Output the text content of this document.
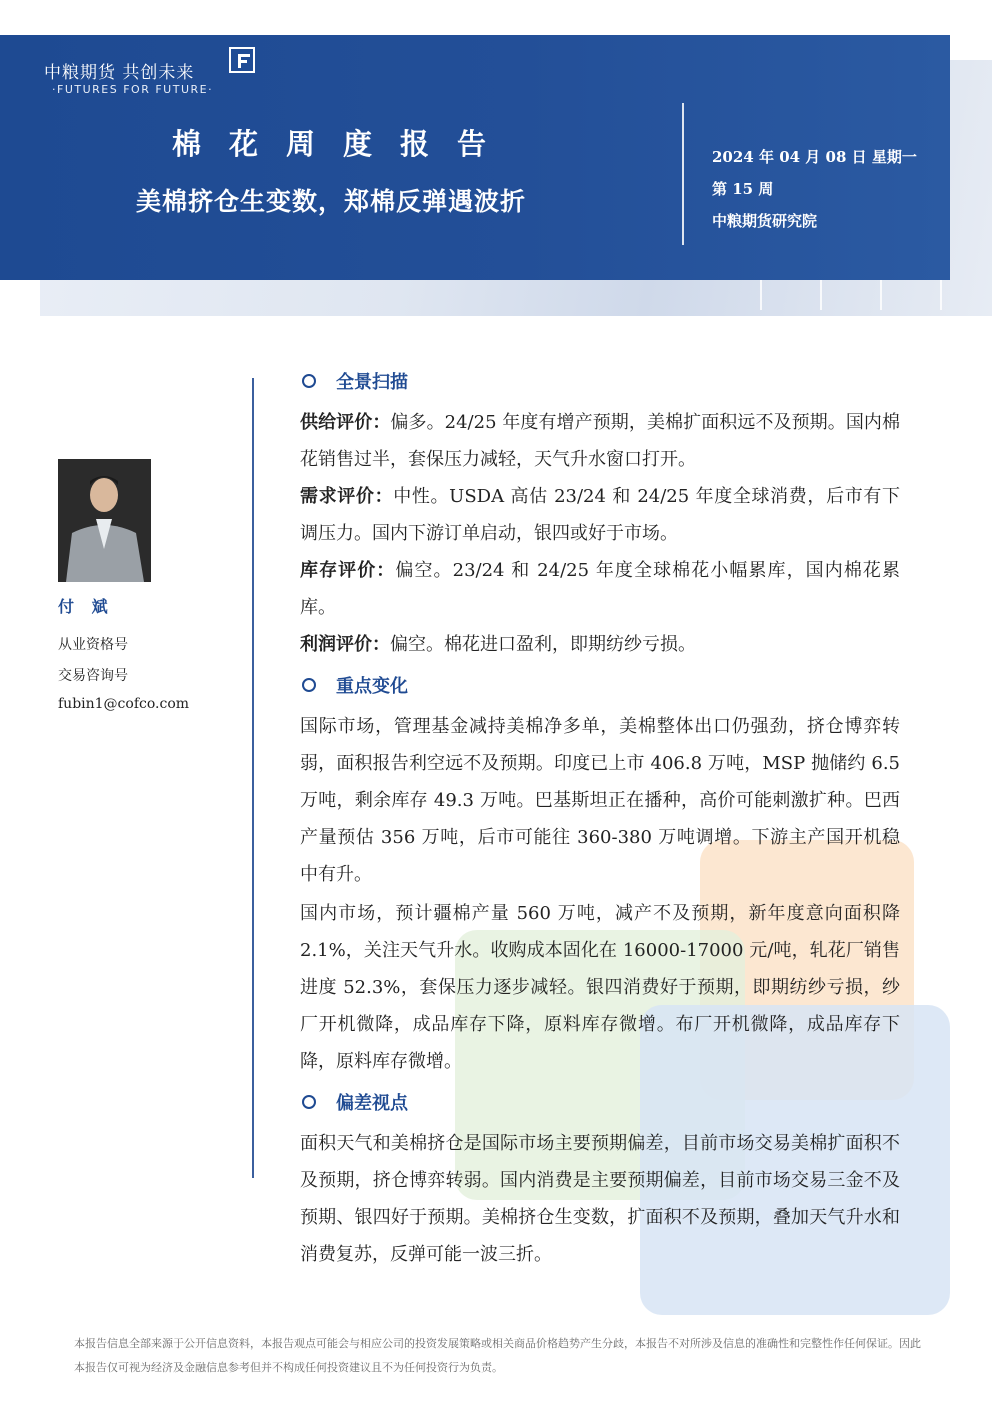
中粮期货 共创未来
·FUTURES FOR FUTURE·
棉花周度报告
美棉挤仓生变数，郑棉反弹遇波折
2024 年 04 月 08 日 星期一
第 15 周
中粮期货研究院
付 斌
从业资格号
交易咨询号
fubin1@cofco.com
全景扫描
供给评价：偏多。24/25 年度有增产预期，美棉扩面积远不及预期。国内棉花销售过半，套保压力减轻，天气升水窗口打开。
需求评价：中性。USDA 高估 23/24 和 24/25 年度全球消费，后市有下调压力。国内下游订单启动，银四或好于市场。
库存评价：偏空。23/24 和 24/25 年度全球棉花小幅累库，国内棉花累库。
利润评价：偏空。棉花进口盈利，即期纺纱亏损。
重点变化
国际市场，管理基金减持美棉净多单，美棉整体出口仍强劲，挤仓博弈转弱，面积报告利空远不及预期。印度已上市 406.8 万吨，MSP 抛储约 6.5 万吨，剩余库存 49.3 万吨。巴基斯坦正在播种，高价可能刺激扩种。巴西产量预估 356 万吨，后市可能往 360-380 万吨调增。下游主产国开机稳中有升。
国内市场，预计疆棉产量 560 万吨，减产不及预期，新年度意向面积降 2.1%，关注天气升水。收购成本固化在 16000-17000 元/吨，轧花厂销售进度 52.3%，套保压力逐步减轻。银四消费好于预期，即期纺纱亏损，纱厂开机微降，成品库存下降，原料库存微增。布厂开机微降，成品库存下降，原料库存微增。
偏差视点
面积天气和美棉挤仓是国际市场主要预期偏差，目前市场交易美棉扩面积不及预期，挤仓博弈转弱。国内消费是主要预期偏差，目前市场交易三金不及预期、银四好于预期。美棉挤仓生变数，扩面积不及预期，叠加天气升水和消费复苏，反弹可能一波三折。
本报告信息全部来源于公开信息资料，本报告观点可能会与相应公司的投资发展策略或相关商品价格趋势产生分歧，本报告不对所涉及信息的准确性和完整性作任何保证。因此本报告仅可视为经济及金融信息参考但并不构成任何投资建议且不为任何投资行为负责。
